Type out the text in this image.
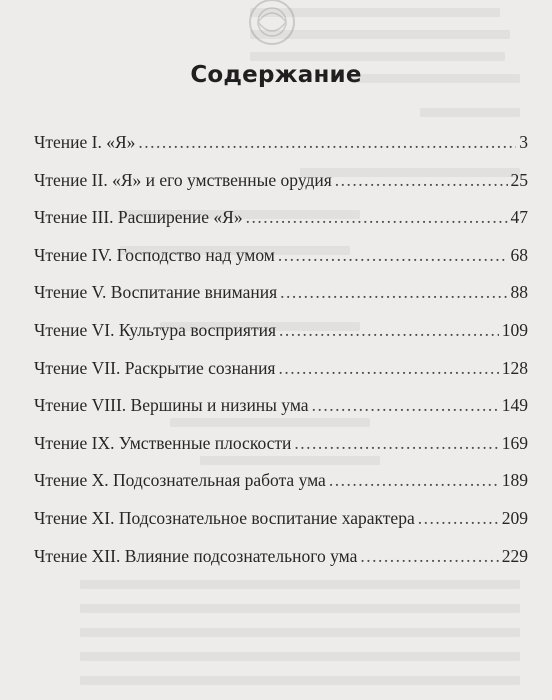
Содержание
Чтение I. «Я» .....	3
Чтение II. «Я» и его умственные орудия .....	25
Чтение III. Расширение «Я» .....	47
Чтение IV. Господство над умом .....	68
Чтение V. Воспитание внимания .....	88
Чтение VI. Культура восприятия .....	109
Чтение VII. Раскрытие сознания .....	128
Чтение VIII. Вершины и низины ума .....	149
Чтение IX. Умственные плоскости .....	169
Чтение X. Подсознательная работа ума .....	189
Чтение XI. Подсознательное воспитание характера .....	209
Чтение XII. Влияние подсознательного ума .....	229
